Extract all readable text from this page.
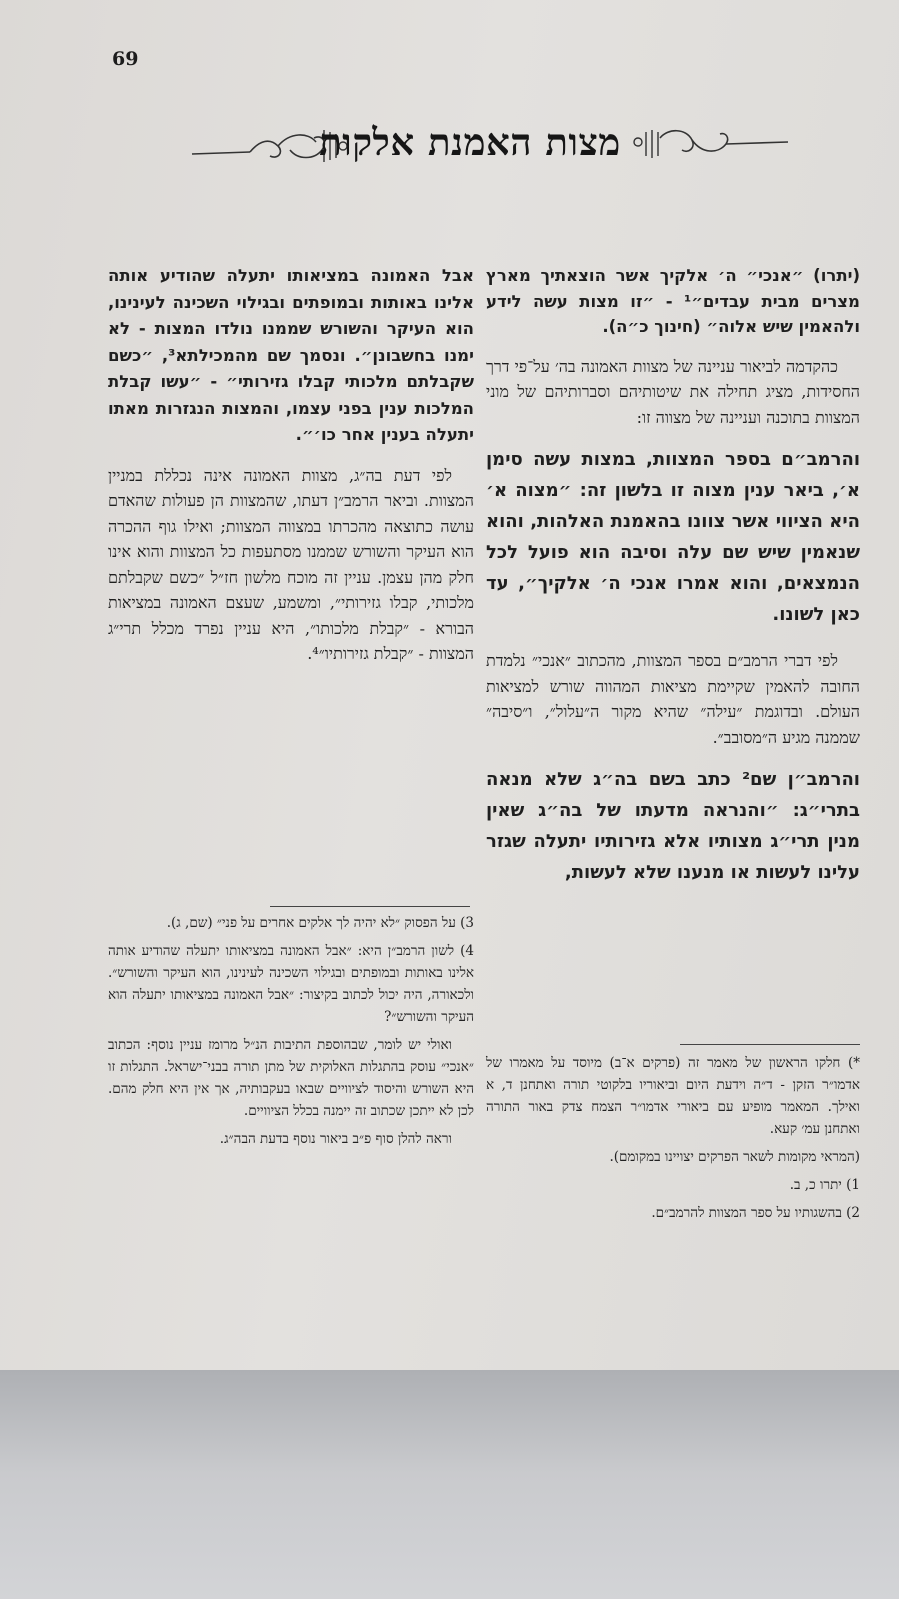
69
מצות האמנת אלקות

(יתרו) ״אנכי״ ה׳ אלקיך אשר הוצאתיך מארץ מצרים מבית עבדים״¹ - ״זו מצות עשה לידע ולהאמין שיש אלוה״ (חינוך כ״ה).

כהקדמה לביאור עניינה של מצוות האמונה בה׳ על־פי דרך החסידות, מציג תחילה את שיטותיהם וסברותיהם של מוני המצוות בתוכנה ועניינה של מצווה זו:

והרמב״ם בספר המצוות, במצות עשה סימן א׳, ביאר ענין מצוה זו בלשון זה: ״מצוה א׳ היא הציווי אשר צוונו בהאמנת האלהות, והוא שנאמין שיש שם עלה וסיבה הוא פועל לכל הנמצאים, והוא אמרו אנכי ה׳ אלקיך״, עד כאן לשונו.

לפי דברי הרמב״ם בספר המצוות, מהכתוב ״אנכי״ נלמדת החובה להאמין שקיימת מציאות המהווה שורש למציאות העולם. ובדוגמת ״עילה״ שהיא מקור ה״עלול״, ו״סיבה״ שממנה מגיע ה״מסובב״.

והרמב״ן שם² כתב בשם בה״ג שלא מנאה בתרי״ג: ״והנראה מדעתו של בה״ג שאין מנין תרי״ג מצותיו אלא גזירותיו יתעלה שגזר עלינו לעשות או מנענו שלא לעשות,

אבל האמונה במציאותו יתעלה שהודיע אותה אלינו באותות ובמופתים ובגילוי השכינה לעינינו, הוא העיקר והשורש שממנו נולדו המצות - לא ימנו בחשבונן״. ונסמך שם מהמכילתא³, ״כשם שקבלתם מלכותי קבלו גזירותי״ - ״עשו קבלת המלכות ענין בפני עצמו, והמצות הנגזרות מאתו יתעלה בענין אחר כו׳״.

לפי דעת בה״ג, מצוות האמונה אינה נכללת במניין המצוות. וביאר הרמב״ן דעתו, שהמצוות הן פעולות שהאדם עושה כתוצאה מהכרתו במצווה המצוות; ואילו גוף ההכרה הוא העיקר והשורש שממנו מסתעפות כל המצוות והוא אינו חלק מהן עצמן. עניין זה מוכח מלשון חז״ל ״כשם שקבלתם מלכותי, קבלו גזירותי״, ומשמע, שעצם האמונה במציאות הבורא - ״קבלת מלכותו״, היא עניין נפרד מכלל תרי״ג המצוות - ״קבלת גזירותיו״⁴.

*) חלקו הראשון של מאמר זה (פרקים א־ב) מיוסד על מאמרו של אדמו״ר הזקן - ד״ה וידעת היום וביאוריו בלקוטי תורה ואתחנן ד, א ואילך. המאמר מופיע עם ביאורי אדמו״ר הצמח צדק באור התורה ואתחנן עמ׳ קעא.

(המראי מקומות לשאר הפרקים יצויינו במקומם).

1) יתרו כ, ב.

2) בהשגותיו על ספר המצוות להרמב״ם.

3) על הפסוק ״לא יהיה לך אלקים אחרים על פני״ (שם, ג).

4) לשון הרמב״ן היא: ״אבל האמונה במציאותו יתעלה שהודיע אותה אלינו באותות ובמופתים ובגילוי השכינה לעינינו, הוא העיקר והשורש״. ולכאורה, היה יכול לכתוב בקיצור: ״אבל האמונה במציאותו יתעלה הוא העיקר והשורש״?

ואולי יש לומר, שבהוספת התיבות הנ״ל מרומז עניין נוסף: הכתוב ״אנכי״ עוסק בהתגלות האלוקית של מתן תורה בבני־ישראל. התגלות זו היא השורש והיסוד לציוויים שבאו בעקבותיה, אך אין היא חלק מהם. לכן לא ייתכן שכתוב זה יימנה בכלל הציוויים.

וראה להלן סוף פ״ב ביאור נוסף בדעת הבה״ג.
